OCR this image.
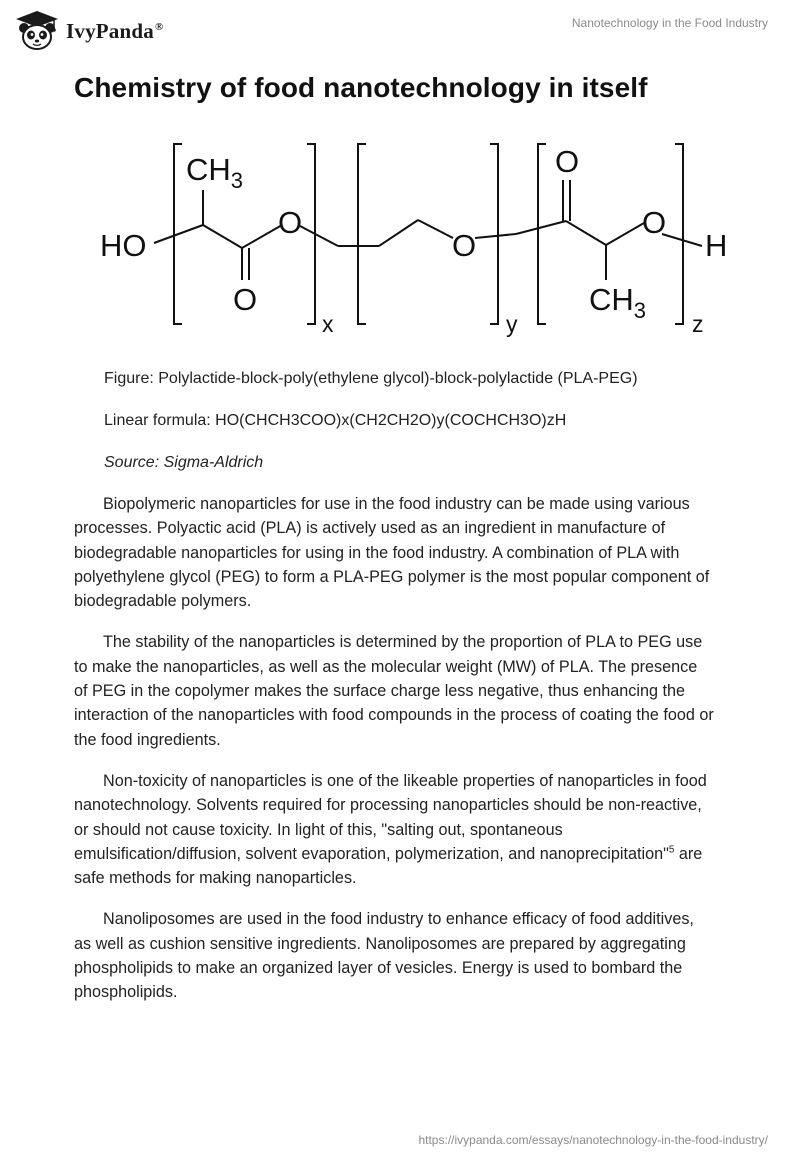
IvyPanda®	Nanotechnology in the Food Industry
Chemistry of food nanotechnology in itself
HO
$CH_3$
O
O
x
O
y
O
O
H
$CH_3$
z
Figure: Polylactide-block-poly(ethylene glycol)-block-polylactide (PLA-PEG)
Linear formula: HO(CHCH3COO)x(CH2CH2O)y(COCHCH3O)zH
Source: Sigma-Aldrich

Biopolymeric nanoparticles for use in the food industry can be made using various processes. Polyactic acid (PLA) is actively used as an ingredient in manufacture of biodegradable nanoparticles for using in the food industry. A combination of PLA with polyethylene glycol (PEG) to form a PLA-PEG polymer is the most popular component of biodegradable polymers.

The stability of the nanoparticles is determined by the proportion of PLA to PEG use to make the nanoparticles, as well as the molecular weight (MW) of PLA. The presence of PEG in the copolymer makes the surface charge less negative, thus enhancing the interaction of the nanoparticles with food compounds in the process of coating the food or the food ingredients.

Non-toxicity of nanoparticles is one of the likeable properties of nanoparticles in food nanotechnology. Solvents required for processing nanoparticles should be non-reactive, or should not cause toxicity. In light of this, "salting out, spontaneous emulsification/diffusion, solvent evaporation, polymerization, and nanoprecipitation"$^5$ are safe methods for making nanoparticles.

Nanoliposomes are used in the food industry to enhance efficacy of food additives, as well as cushion sensitive ingredients. Nanoliposomes are prepared by aggregating phospholipids to make an organized layer of vesicles. Energy is used to bombard the phospholipids.

https://ivypanda.com/essays/nanotechnology-in-the-food-industry/
